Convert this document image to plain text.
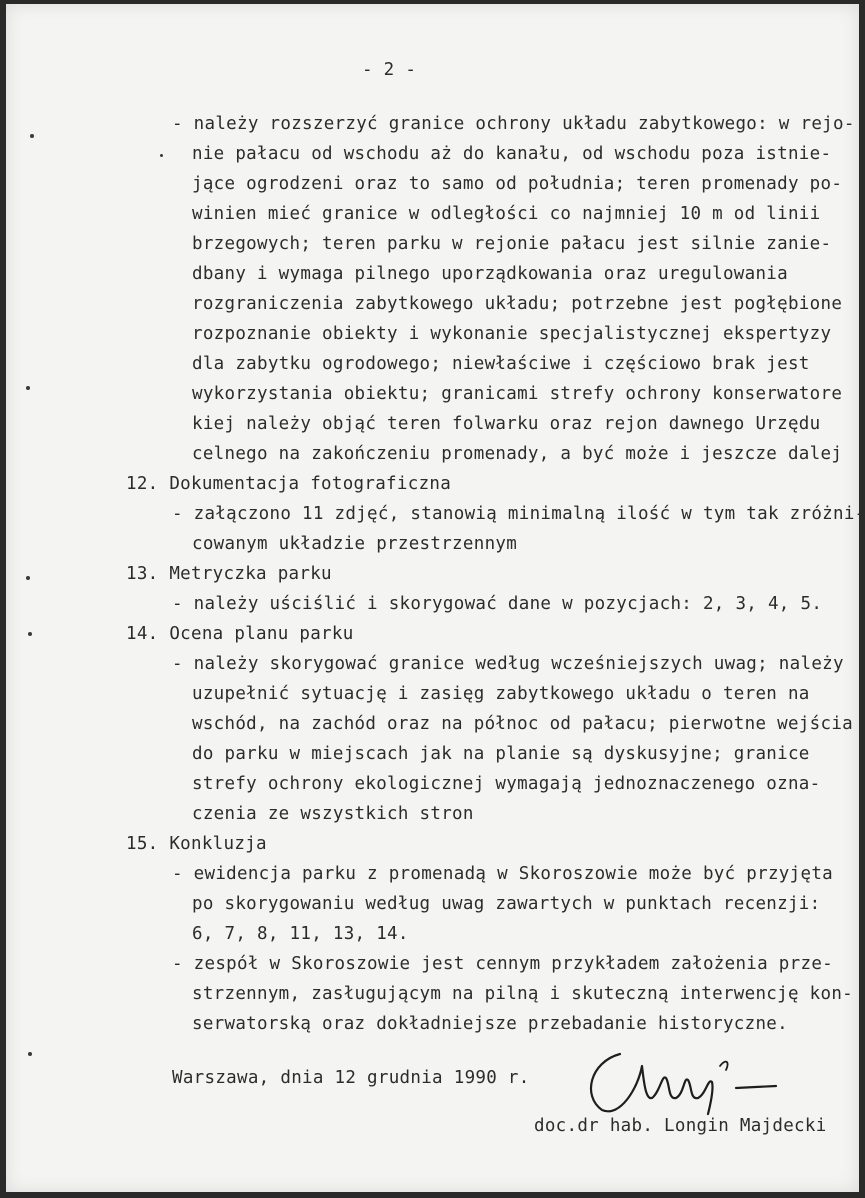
- 2 -
- należy rozszerzyć granice ochrony układu zabytkowego: w rejo-
nie pałacu od wschodu aż do kanału, od wschodu poza istnie-
jące ogrodzeni oraz to samo od południa; teren promenady po-
winien mieć granice w odległości co najmniej 10 m od linii
brzegowych; teren parku w rejonie pałacu jest silnie zanie-
dbany i wymaga pilnego uporządkowania oraz uregulowania
rozgraniczenia zabytkowego układu; potrzebne jest pogłębione
rozpoznanie obiekty i wykonanie specjalistycznej ekspertyzy
dla zabytku ogrodowego; niewłaściwe i częściowo brak jest
wykorzystania obiektu; granicami strefy ochrony konserwatore
kiej należy objąć teren folwarku oraz rejon dawnego Urzędu
celnego na zakończeniu promenady, a być może i jeszcze dalej
12. Dokumentacja fotograficzna
- załączono 11 zdjęć, stanowią minimalną ilość w tym tak zróżni-
cowanym układzie przestrzennym
13. Metryczka parku
- należy uściślić i skorygować dane w pozycjach: 2, 3, 4, 5.
14. Ocena planu parku
- należy skorygować granice według wcześniejszych uwag; należy
uzupełnić sytuację i zasięg zabytkowego układu o teren na
wschód, na zachód oraz na północ od pałacu; pierwotne wejścia
do parku w miejscach jak na planie są dyskusyjne; granice
strefy ochrony ekologicznej wymagają jednoznaczenego ozna-
czenia ze wszystkich stron
15. Konkluzja
- ewidencja parku z promenadą w Skoroszowie może być przyjęta
po skorygowaniu według uwag zawartych w punktach recenzji:
6, 7, 8, 11, 13, 14.
- zespół w Skoroszowie jest cennym przykładem założenia prze-
strzennym, zasługującym na pilną i skuteczną interwencję kon-
serwatorską oraz dokładniejsze przebadanie historyczne.
Warszawa, dnia 12 grudnia 1990 r.
doc.dr hab. Longin Majdecki
